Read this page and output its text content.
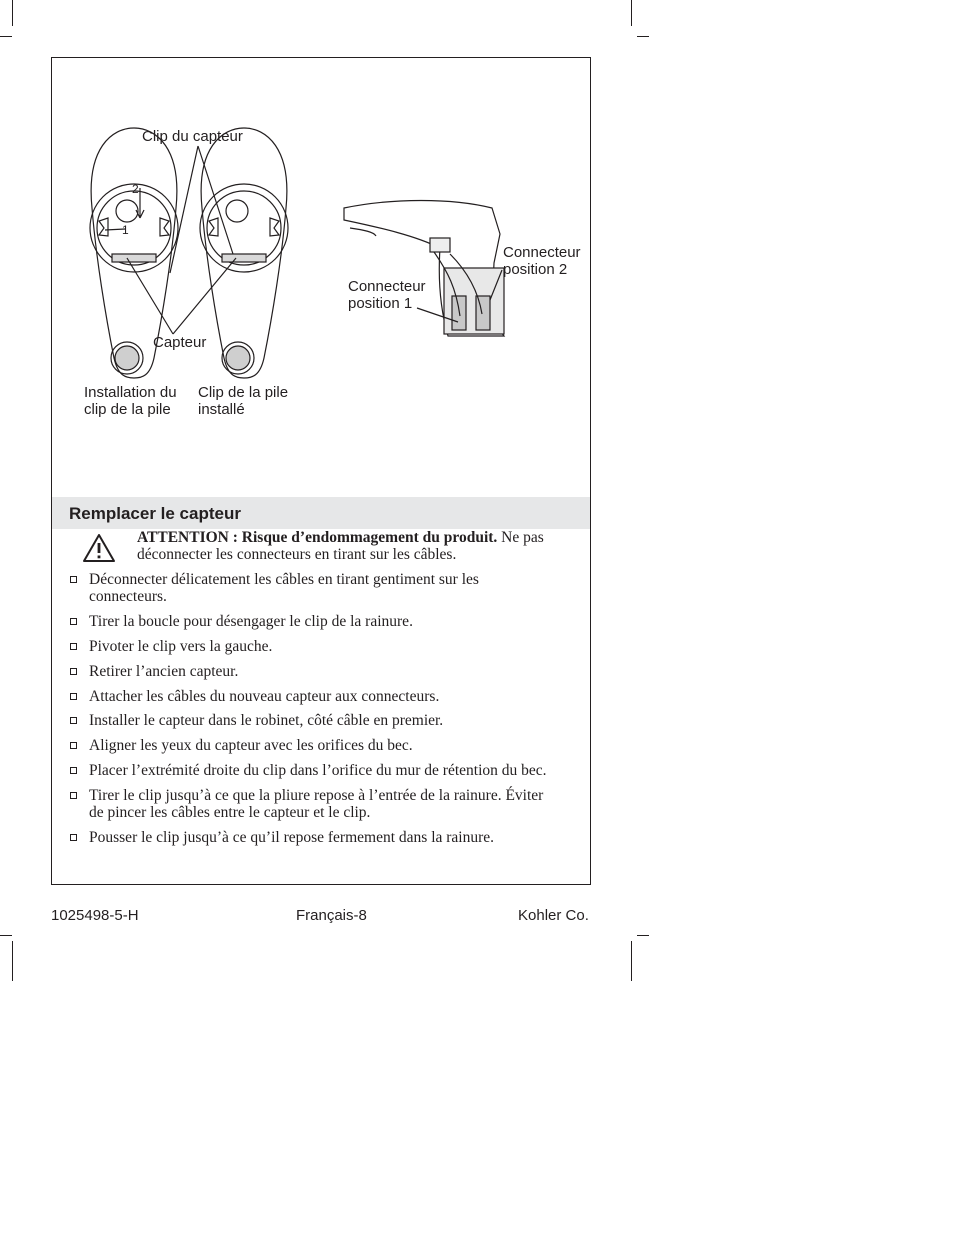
2
1
Clip du capteur
Capteur
Installation du
clip de la pile
Clip de la pile
installé
Connecteur
position 1
Connecteur
position 2
Remplacer le capteur
ATTENTION : Risque d’endommagement du produit. Ne pas déconnecter les connecteurs en tirant sur les câbles.
Déconnecter délicatement les câbles en tirant gentiment sur les connecteurs.
Tirer la boucle pour désengager le clip de la rainure.
Pivoter le clip vers la gauche.
Retirer l’ancien capteur.
Attacher les câbles du nouveau capteur aux connecteurs.
Installer le capteur dans le robinet, côté câble en premier.
Aligner les yeux du capteur avec les orifices du bec.
Placer l’extrémité droite du clip dans l’orifice du mur de rétention du bec.
Tirer le clip jusqu’à ce que la pliure repose à l’entrée de la rainure. Éviter de pincer les câbles entre le capteur et le clip.
Pousser le clip jusqu’à ce qu’il repose fermement dans la rainure.
1025498-5-H	Français-8	Kohler Co.
